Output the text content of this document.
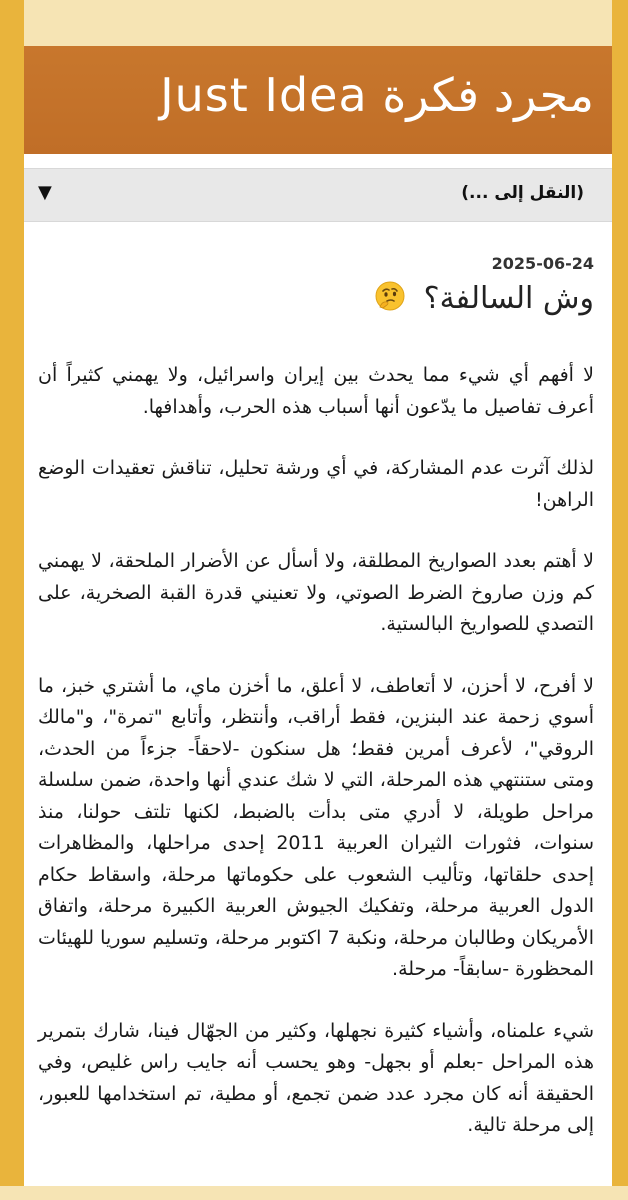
مجرد فكرة Just Idea
(النقل إلى ...)
▼
2025-06-24
وش السالفة؟

لا أفهم أي شيء مما يحدث بين إيران واسرائيل، ولا يهمني كثيراً أن أعرف تفاصيل ما يدّعون أنها أسباب هذه الحرب، وأهدافها.

لذلك آثرت عدم المشاركة، في أي ورشة تحليل، تناقش تعقيدات الوضع الراهن!

لا أهتم بعدد الصواريخ المطلقة، ولا أسأل عن الأضرار الملحقة، لا يهمني كم وزن صاروخ الضرط الصوتي، ولا تعنيني قدرة القبة الصخرية، على التصدي للصواريخ البالستية.

لا أفرح، لا أحزن، لا أتعاطف، لا أعلق، ما أخزن ماي، ما أشتري خبز، ما أسوي زحمة عند البنزين، فقط أراقب، وأنتظر، وأتابع "تمرة"، و"مالك الروقي"، لأعرف أمرين فقط؛ هل سنكون -لاحقاً- جزءاً من الحدث، ومتى ستنتهي هذه المرحلة، التي لا شك عندي أنها واحدة، ضمن سلسلة مراحل طويلة، لا أدري متى بدأت بالضبط، لكنها تلتف حولنا، منذ سنوات، فثورات الثيران العربية 2011 إحدى مراحلها، والمظاهرات إحدى حلقاتها، وتأليب الشعوب على حكوماتها مرحلة، واسقاط حكام الدول العربية مرحلة، وتفكيك الجيوش العربية الكبيرة مرحلة، واتفاق الأمريكان وطالبان مرحلة، ونكبة 7 اكتوبر مرحلة، وتسليم سوريا للهيئات المحظورة -سابقاً- مرحلة.

شيء علمناه، وأشياء كثيرة نجهلها، وكثير من الجهّال فينا، شارك بتمرير هذه المراحل -بعلم أو بجهل- وهو يحسب أنه جايب راس غليص، وفي الحقيقة أنه كان مجرد عدد ضمن تجمع، أو مطية، تم استخدامها للعبور، إلى مرحلة تالية.
